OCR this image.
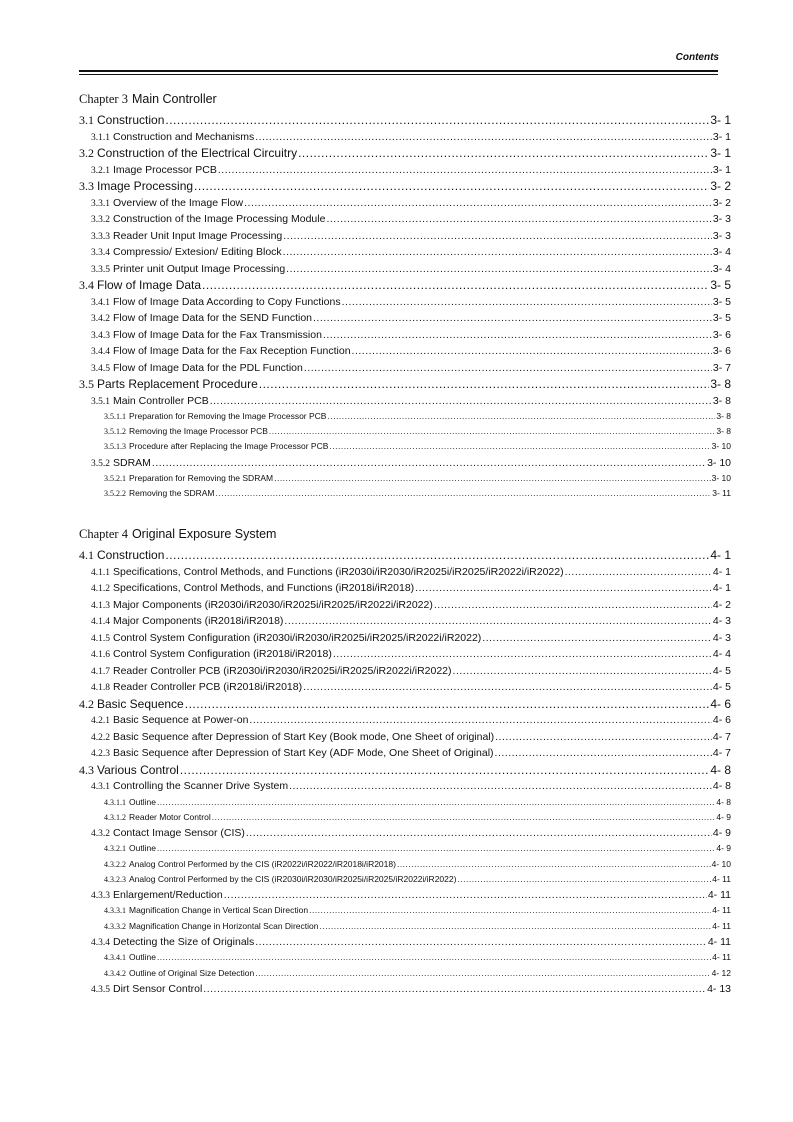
Contents
Chapter 3 Main Controller
3.1 Construction .....	3- 1
3.1.1 Construction and Mechanisms .....	3- 1
3.2 Construction of the Electrical Circuitry .....	3- 1
3.2.1 Image Processor PCB .....	3- 1
3.3 Image Processing .....	3- 2
3.3.1 Overview of the Image Flow .....	3- 2
3.3.2 Construction of the Image Processing Module .....	3- 3
3.3.3 Reader Unit Input Image Processing .....	3- 3
3.3.4 Compressio/ Extesion/ Editing Block .....	3- 4
3.3.5 Printer unit Output Image Processing .....	3- 4
3.4 Flow of Image Data .....	3- 5
3.4.1 Flow of Image Data According to Copy Functions .....	3- 5
3.4.2 Flow of Image Data for the SEND Function .....	3- 5
3.4.3 Flow of Image Data for the Fax Transmission .....	3- 6
3.4.4 Flow of Image Data for the Fax Reception Function .....	3- 6
3.4.5 Flow of Image Data for the PDL Function .....	3- 7
3.5 Parts Replacement Procedure .....	3- 8
3.5.1 Main Controller PCB .....	3- 8
3.5.1.1 Preparation for Removing the Image Processor PCB .....	3- 8
3.5.1.2 Removing the Image Processor PCB .....	3- 8
3.5.1.3 Procedure after Replacing the Image Processor PCB .....	3- 10
3.5.2 SDRAM .....	3- 10
3.5.2.1 Preparation for Removing the SDRAM .....	3- 10
3.5.2.2 Removing the SDRAM .....	3- 11
Chapter 4 Original Exposure System
4.1 Construction .....	4- 1
4.1.1 Specifications, Control Methods, and Functions (iR2030i/iR2030/iR2025i/iR2025/iR2022i/iR2022) .....	4- 1
4.1.2 Specifications, Control Methods, and Functions (iR2018i/iR2018) .....	4- 1
4.1.3 Major Components (iR2030i/iR2030/iR2025i/iR2025/iR2022i/iR2022) .....	4- 2
4.1.4 Major Components (iR2018i/iR2018) .....	4- 3
4.1.5 Control System Configuration (iR2030i/iR2030/iR2025i/iR2025/iR2022i/iR2022) .....	4- 3
4.1.6 Control System Configuration (iR2018i/iR2018) .....	4- 4
4.1.7 Reader Controller PCB (iR2030i/iR2030/iR2025i/iR2025/iR2022i/iR2022) .....	4- 5
4.1.8 Reader Controller PCB (iR2018i/iR2018) .....	4- 5
4.2 Basic Sequence .....	4- 6
4.2.1 Basic Sequence at Power-on .....	4- 6
4.2.2 Basic Sequence after Depression of Start Key (Book mode, One Sheet of original) .....	4- 7
4.2.3 Basic Sequence after Depression of Start Key (ADF Mode, One Sheet of Original) .....	4- 7
4.3 Various Control .....	4- 8
4.3.1 Controlling the Scanner Drive System .....	4- 8
4.3.1.1 Outline .....	4- 8
4.3.1.2 Reader Motor Control .....	4- 9
4.3.2 Contact Image Sensor (CIS) .....	4- 9
4.3.2.1 Outline .....	4- 9
4.3.2.2 Analog Control Performed by the CIS (iR2022i/iR2022/iR2018i/iR2018) .....	4- 10
4.3.2.3 Analog Control Performed by the CIS (iR2030i/iR2030/iR2025i/iR2025/iR2022i/iR2022) .....	4- 11
4.3.3 Enlargement/Reduction .....	4- 11
4.3.3.1 Magnification Change in Vertical Scan Direction .....	4- 11
4.3.3.2 Magnification Change in Horizontal Scan Direction .....	4- 11
4.3.4 Detecting the Size of Originals .....	4- 11
4.3.4.1 Outline .....	4- 11
4.3.4.2 Outline of Original Size Detection .....	4- 12
4.3.5 Dirt Sensor Control .....	4- 13
